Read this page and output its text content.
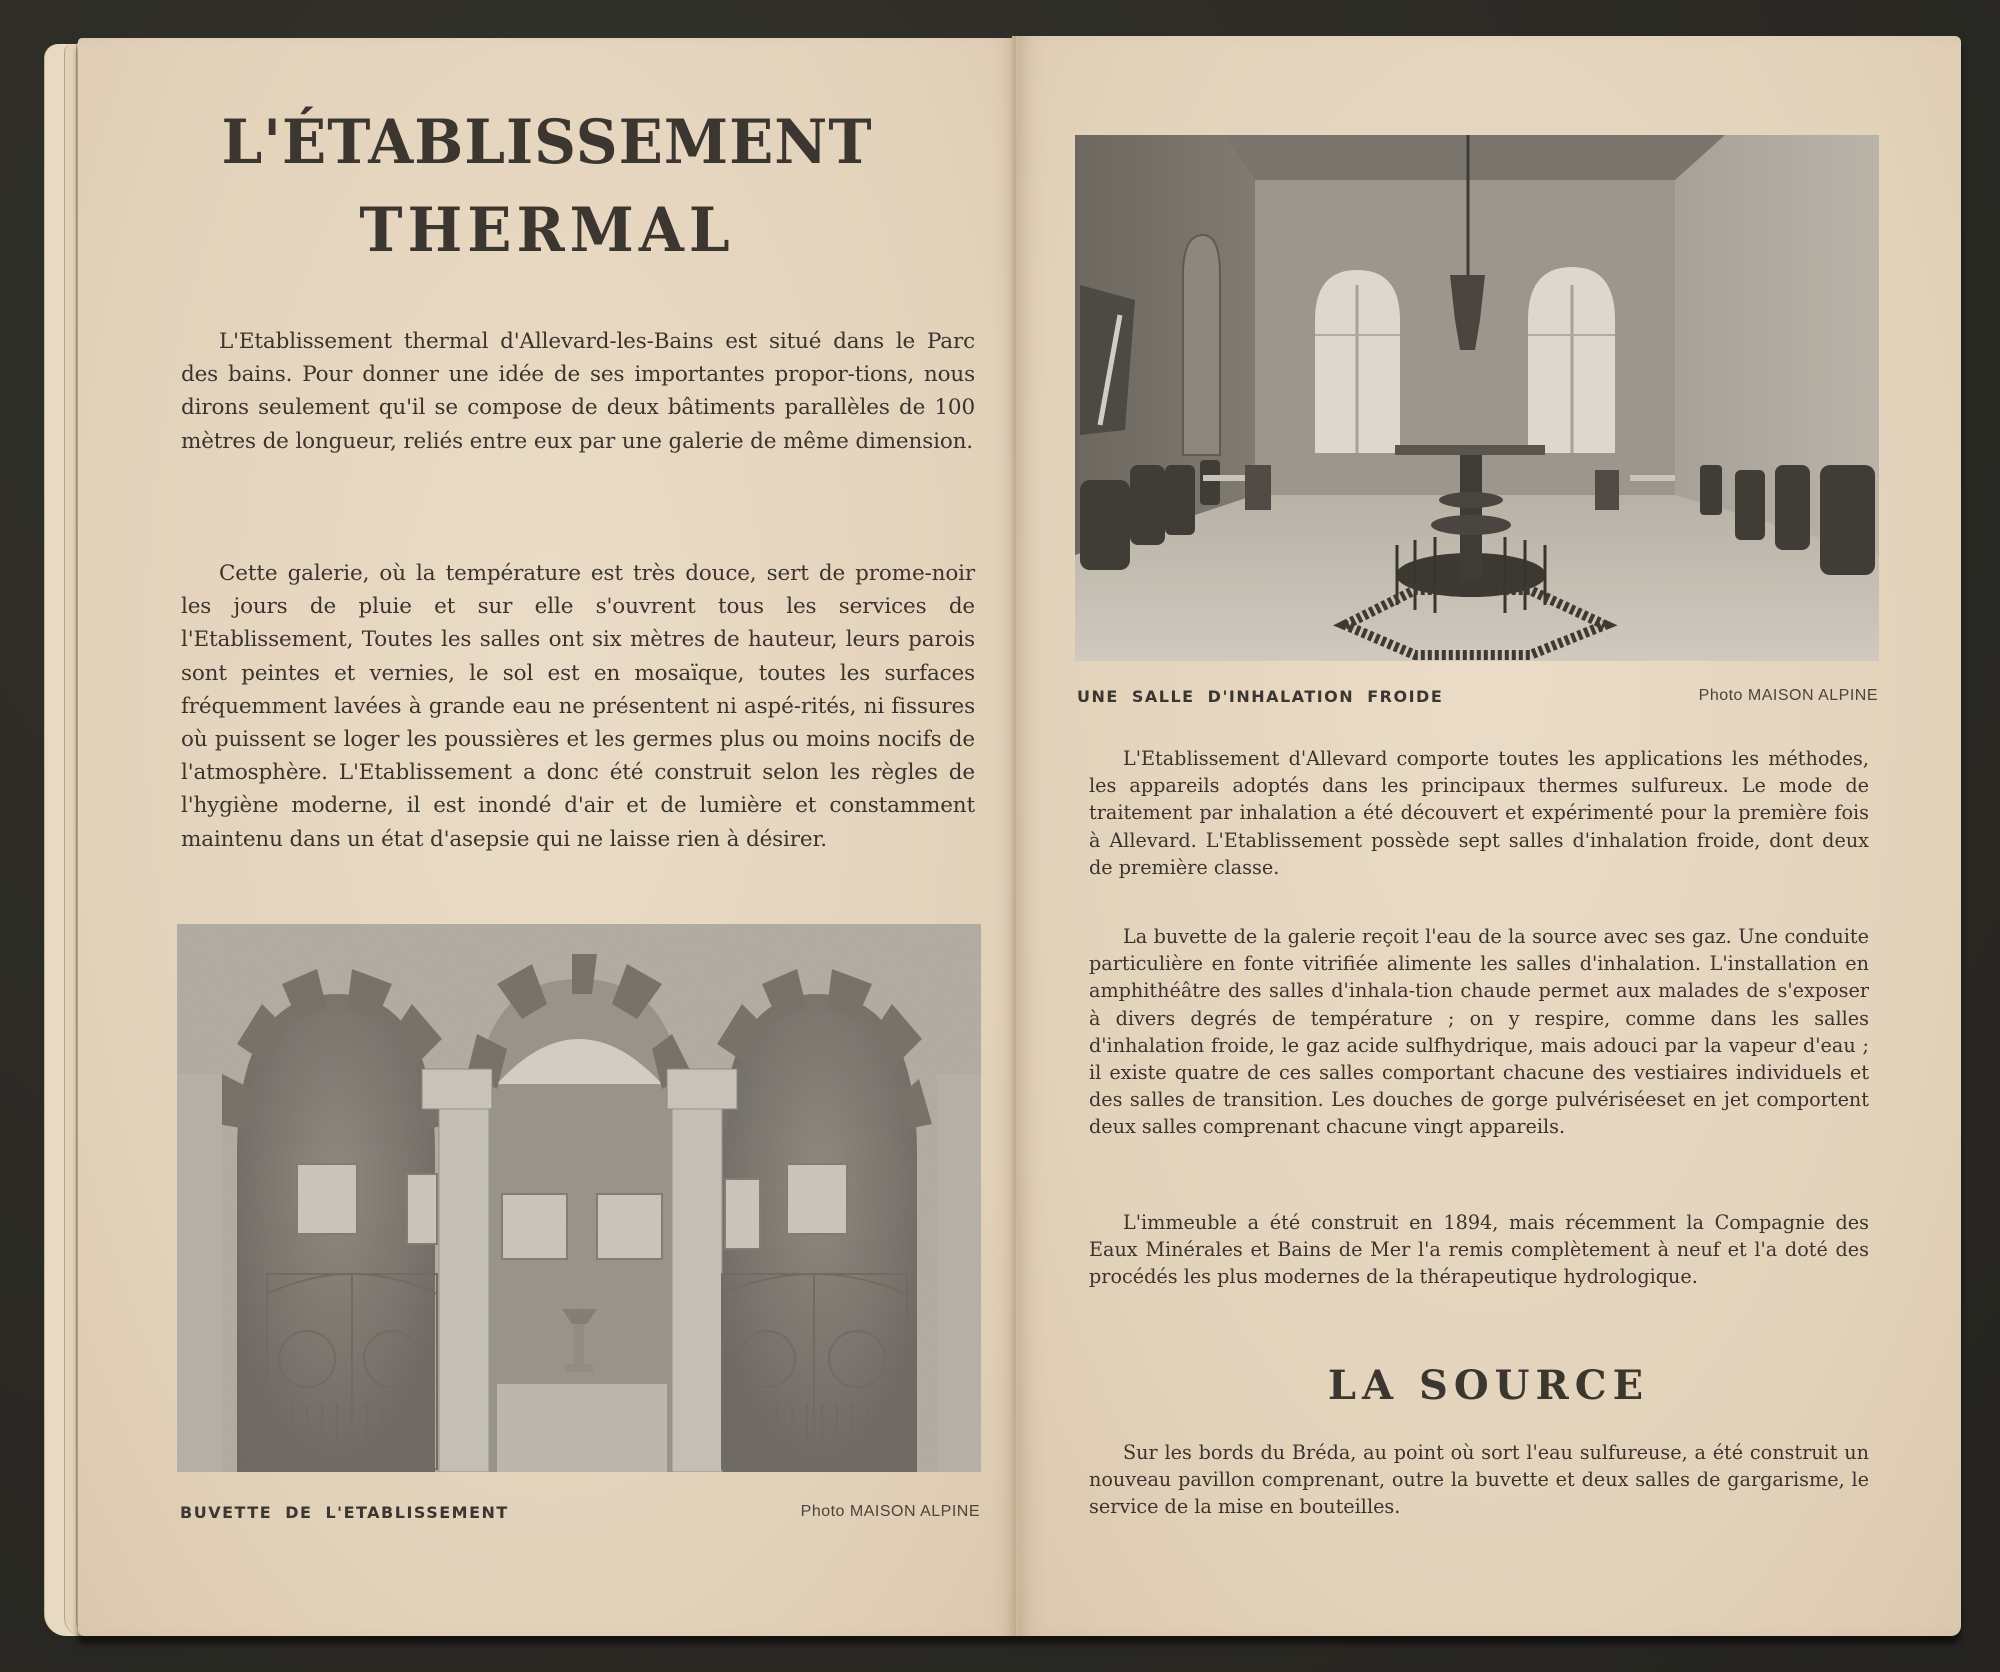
L'ÉTABLISSEMENT
THERMAL

L'Etablissement thermal d'Allevard-les-Bains est situé dans le Parc des bains. Pour donner une idée de ses importantes propor-tions, nous dirons seulement qu'il se compose de deux bâtiments parallèles de 100 mètres de longueur, reliés entre eux par une galerie de même dimension.

Cette galerie, où la température est très douce, sert de prome-noir les jours de pluie et sur elle s'ouvrent tous les services de l'Etablissement, Toutes les salles ont six mètres de hauteur, leurs parois sont peintes et vernies, le sol est en mosaïque, toutes les surfaces fréquemment lavées à grande eau ne présentent ni aspé-rités, ni fissures où puissent se loger les poussières et les germes plus ou moins nocifs de l'atmosphère. L'Etablissement a donc été construit selon les règles de l'hygiène moderne, il est inondé d'air et de lumière et constamment maintenu dans un état d'asepsie qui ne laisse rien à désirer.

BUVETTE DE L'ETABLISSEMENT	Photo MAISON ALPINE
UNE SALLE D'INHALATION FROIDE	Photo MAISON ALPINE

L'Etablissement d'Allevard comporte toutes les applications les méthodes, les appareils adoptés dans les principaux thermes sulfureux. Le mode de traitement par inhalation a été découvert et expérimenté pour la première fois à Allevard. L'Etablissement possède sept salles d'inhalation froide, dont deux de première classe.

La buvette de la galerie reçoit l'eau de la source avec ses gaz. Une conduite particulière en fonte vitrifiée alimente les salles d'inhalation. L'installation en amphithéâtre des salles d'inhala-tion chaude permet aux malades de s'exposer à divers degrés de température ; on y respire, comme dans les salles d'inhalation froide, le gaz acide sulfhydrique, mais adouci par la vapeur d'eau ; il existe quatre de ces salles comportant chacune des vestiaires individuels et des salles de transition. Les douches de gorge pulvériséeset en jet comportent deux salles comprenant chacune vingt appareils.

L'immeuble a été construit en 1894, mais récemment la Compagnie des Eaux Minérales et Bains de Mer l'a remis complètement à neuf et l'a doté des procédés les plus modernes de la thérapeutique hydrologique.

LA SOURCE

Sur les bords du Bréda, au point où sort l'eau sulfureuse, a été construit un nouveau pavillon comprenant, outre la buvette et deux salles de gargarisme, le service de la mise en bouteilles.
